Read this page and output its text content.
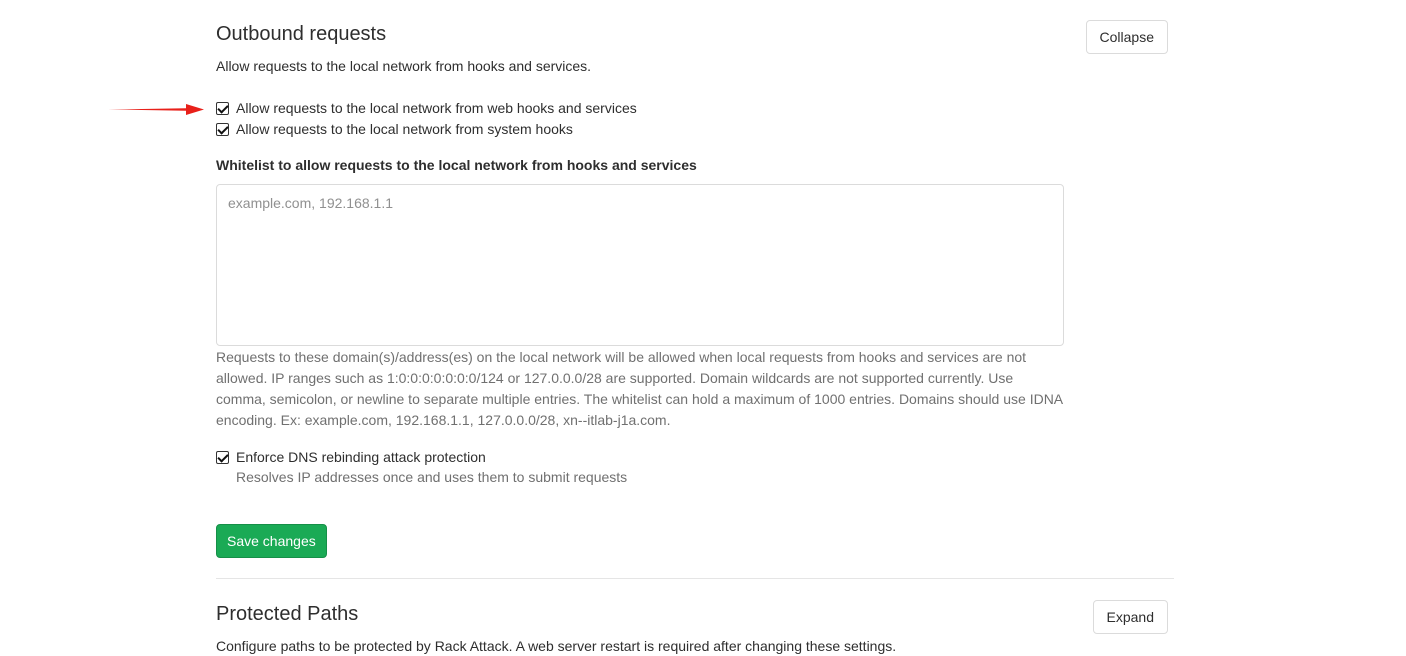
Outbound requests
Allow requests to the local network from hooks and services.
Collapse
Allow requests to the local network from web hooks and services
Allow requests to the local network from system hooks
Whitelist to allow requests to the local network from hooks and services
example.com, 192.168.1.1
Requests to these domain(s)/address(es) on the local network will be allowed when local requests from hooks and services are not allowed. IP ranges such as 1:0:0:0:0:0:0:0/124 or 127.0.0.0/28 are supported. Domain wildcards are not supported currently. Use comma, semicolon, or newline to separate multiple entries. The whitelist can hold a maximum of 1000 entries. Domains should use IDNA encoding. Ex: example.com, 192.168.1.1, 127.0.0.0/28, xn--itlab-j1a.com.
Enforce DNS rebinding attack protection
Resolves IP addresses once and uses them to submit requests
Save changes
Protected Paths
Configure paths to be protected by Rack Attack. A web server restart is required after changing these settings.
Expand
